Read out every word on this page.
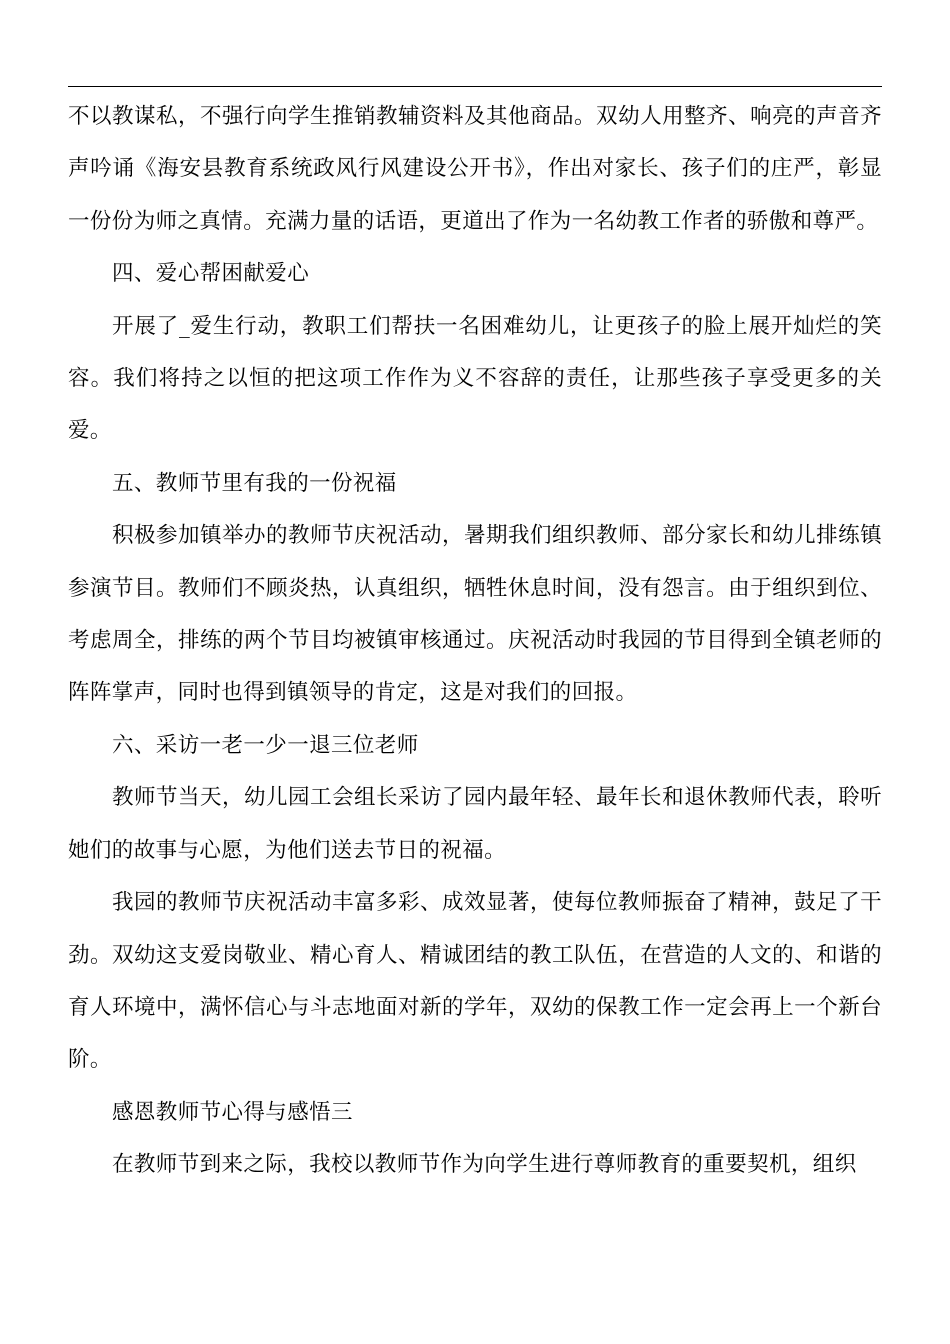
不以教谋私，不强行向学生推销教辅资料及其他商品。双幼人用整齐、响亮的声音齐声吟诵《海安县教育系统政风行风建设公开书》，作出对家长、孩子们的庄严，彰显一份份为师之真情。充满力量的话语，更道出了作为一名幼教工作者的骄傲和尊严。

四、爱心帮困献爱心

开展了_爱生行动，教职工们帮扶一名困难幼儿，让更孩子的脸上展开灿烂的笑容。我们将持之以恒的把这项工作作为义不容辞的责任，让那些孩子享受更多的关爱。

五、教师节里有我的一份祝福

积极参加镇举办的教师节庆祝活动，暑期我们组织教师、部分家长和幼儿排练镇参演节目。教师们不顾炎热，认真组织，牺牲休息时间，没有怨言。由于组织到位、考虑周全，排练的两个节目均被镇审核通过。庆祝活动时我园的节目得到全镇老师的阵阵掌声，同时也得到镇领导的肯定，这是对我们的回报。

六、采访一老一少一退三位老师

教师节当天，幼儿园工会组长采访了园内最年轻、最年长和退休教师代表，聆听她们的故事与心愿，为他们送去节日的祝福。

我园的教师节庆祝活动丰富多彩、成效显著，使每位教师振奋了精神，鼓足了干劲。双幼这支爱岗敬业、精心育人、精诚团结的教工队伍，在营造的人文的、和谐的育人环境中，满怀信心与斗志地面对新的学年，双幼的保教工作一定会再上一个新台阶。

感恩教师节心得与感悟三

在教师节到来之际，我校以教师节作为向学生进行尊师教育的重要契机，组织
